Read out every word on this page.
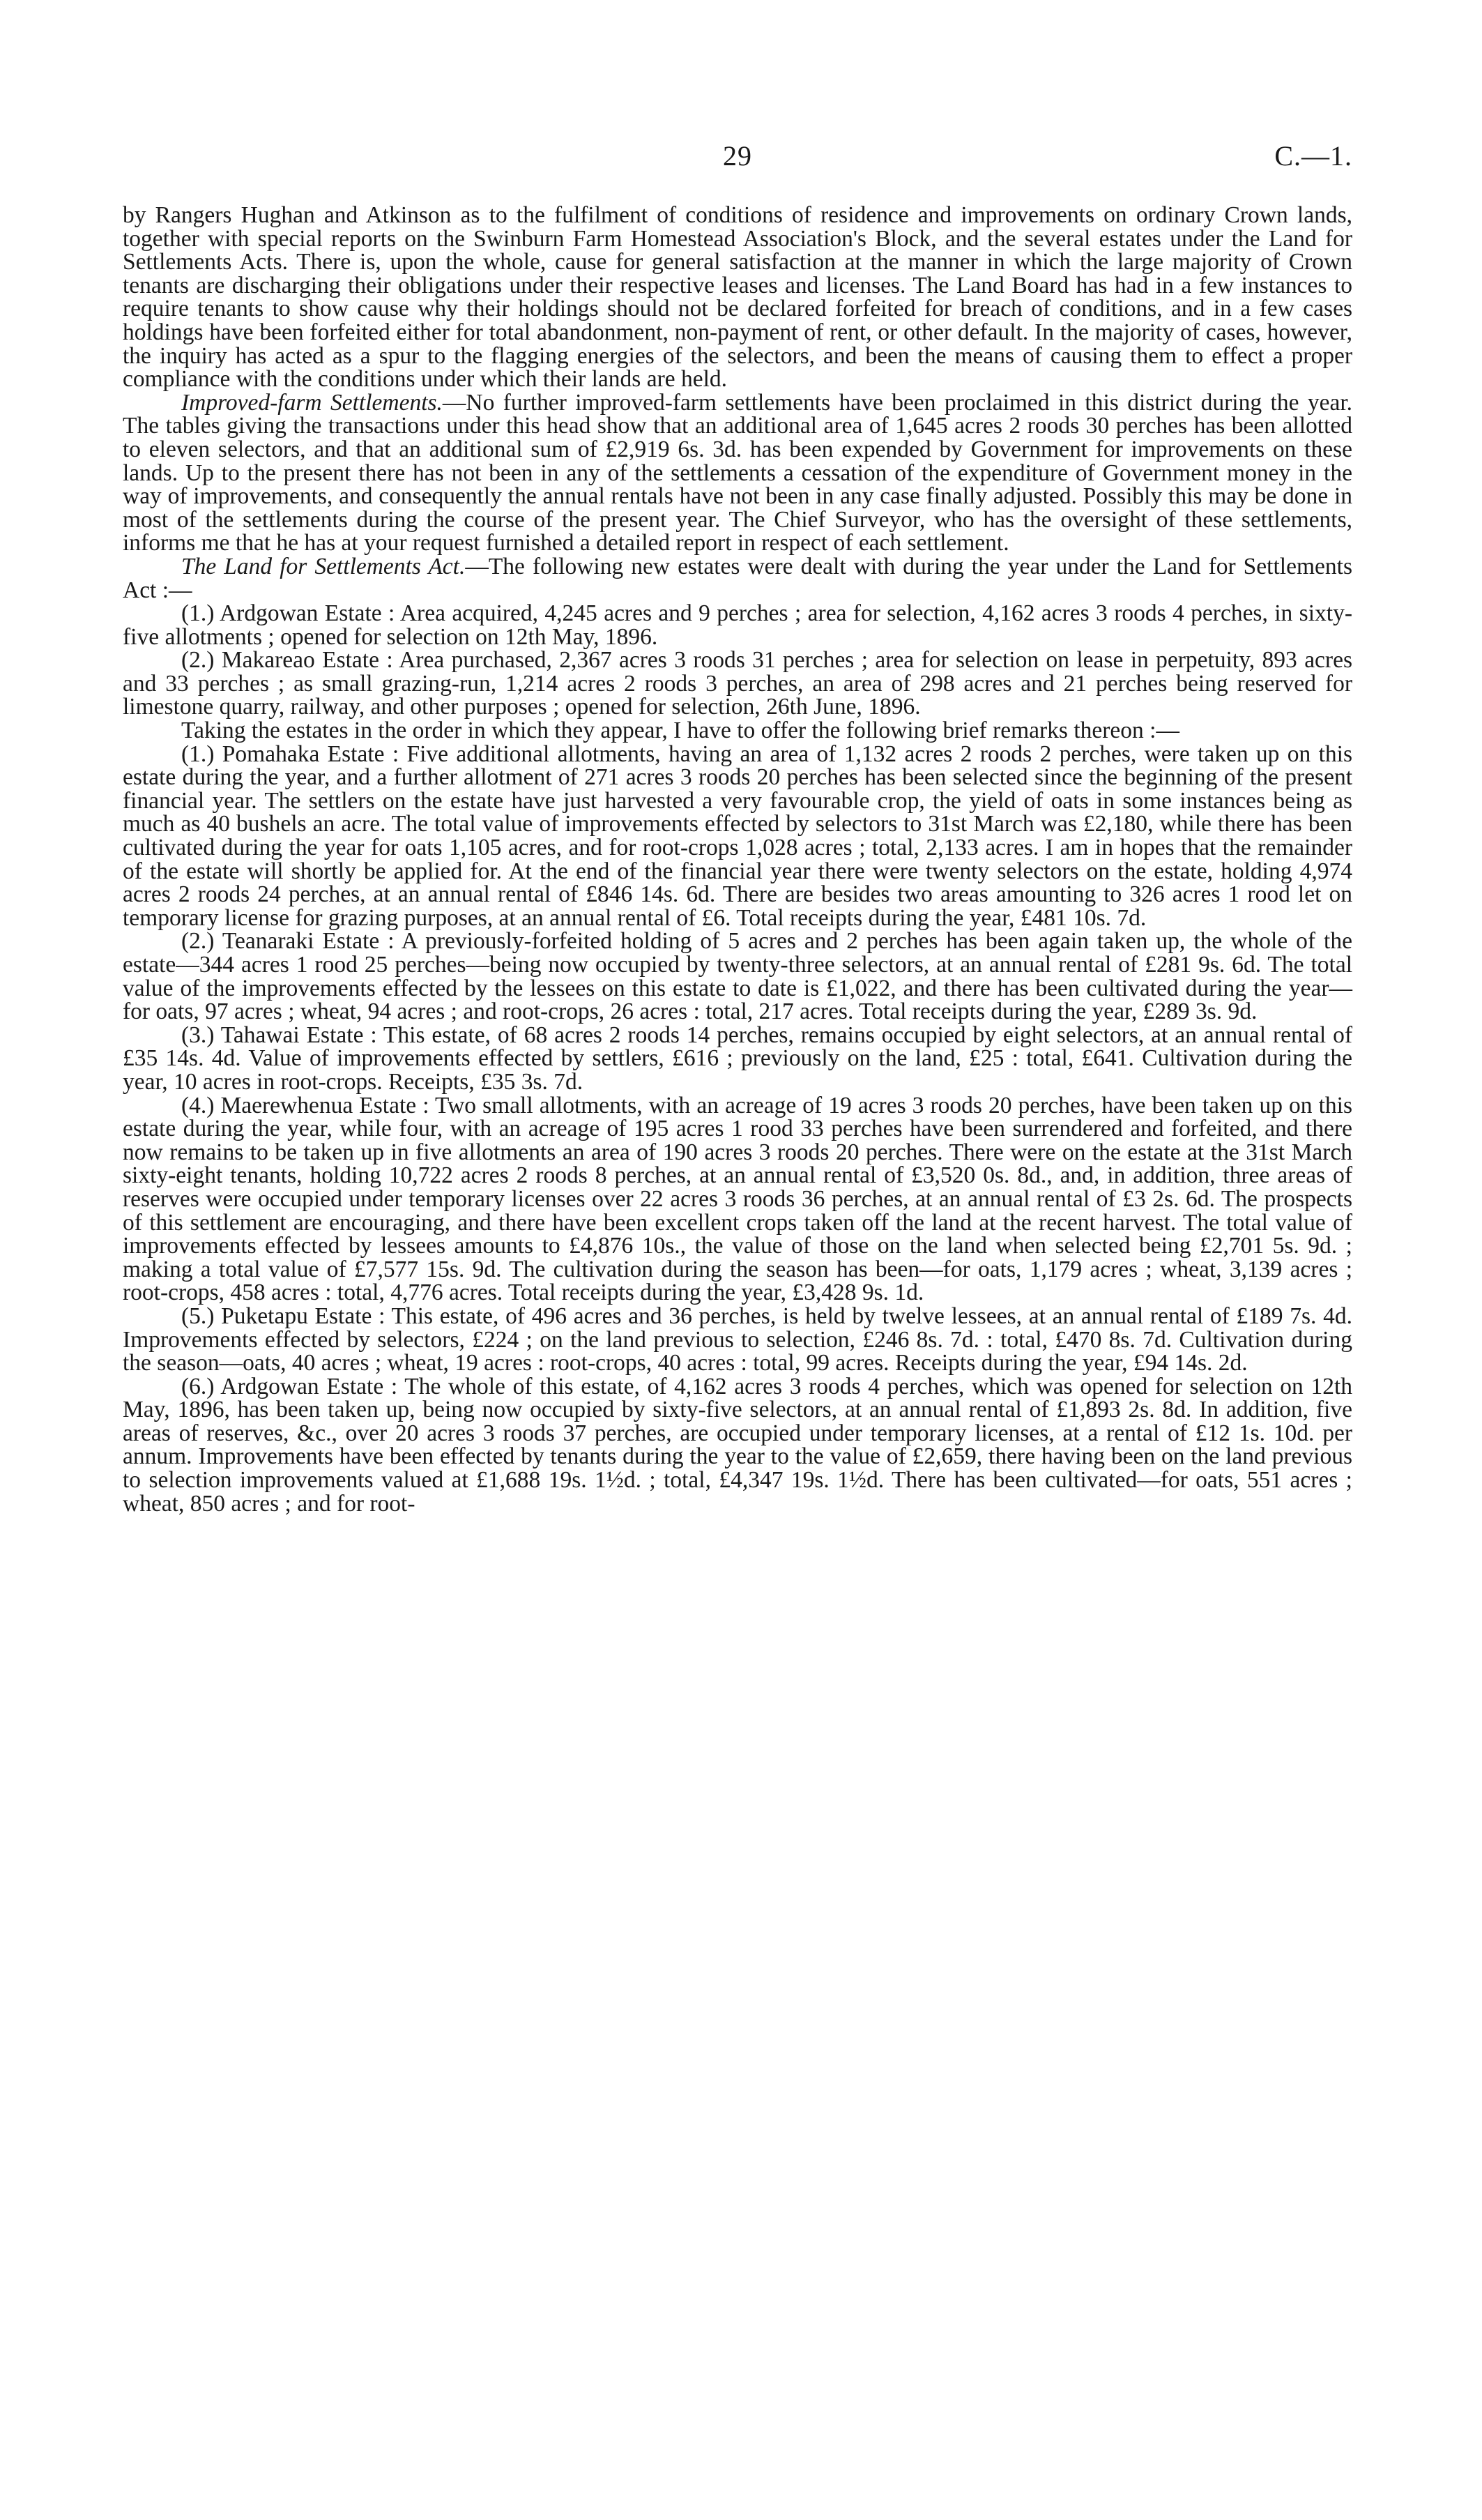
29	C.—1.

by Rangers Hughan and Atkinson as to the fulfilment of conditions of residence and improvements on ordinary Crown lands, together with special reports on the Swinburn Farm Homestead Association's Block, and the several estates under the Land for Settlements Acts. There is, upon the whole, cause for general satisfaction at the manner in which the large majority of Crown tenants are discharging their obligations under their respective leases and licenses. The Land Board has had in a few instances to require tenants to show cause why their holdings should not be declared forfeited for breach of conditions, and in a few cases holdings have been forfeited either for total abandonment, non-payment of rent, or other default. In the majority of cases, however, the inquiry has acted as a spur to the flagging energies of the selectors, and been the means of causing them to effect a proper compliance with the conditions under which their lands are held.

Improved-farm Settlements.—No further improved-farm settlements have been proclaimed in this district during the year. The tables giving the transactions under this head show that an additional area of 1,645 acres 2 roods 30 perches has been allotted to eleven selectors, and that an additional sum of £2,919 6s. 3d. has been expended by Government for improvements on these lands. Up to the present there has not been in any of the settlements a cessation of the expenditure of Government money in the way of improvements, and consequently the annual rentals have not been in any case finally adjusted. Possibly this may be done in most of the settlements during the course of the present year. The Chief Surveyor, who has the oversight of these settlements, informs me that he has at your request furnished a detailed report in respect of each settlement.

The Land for Settlements Act.—The following new estates were dealt with during the year under the Land for Settlements Act :—

(1.) Ardgowan Estate : Area acquired, 4,245 acres and 9 perches ; area for selection, 4,162 acres 3 roods 4 perches, in sixty-five allotments ; opened for selection on 12th May, 1896.

(2.) Makareao Estate : Area purchased, 2,367 acres 3 roods 31 perches ; area for selection on lease in perpetuity, 893 acres and 33 perches ; as small grazing-run, 1,214 acres 2 roods 3 perches, an area of 298 acres and 21 perches being reserved for limestone quarry, railway, and other purposes ; opened for selection, 26th June, 1896.

Taking the estates in the order in which they appear, I have to offer the following brief remarks thereon :—

(1.) Pomahaka Estate : Five additional allotments, having an area of 1,132 acres 2 roods 2 perches, were taken up on this estate during the year, and a further allotment of 271 acres 3 roods 20 perches has been selected since the beginning of the present financial year. The settlers on the estate have just harvested a very favourable crop, the yield of oats in some instances being as much as 40 bushels an acre. The total value of improvements effected by selectors to 31st March was £2,180, while there has been cultivated during the year for oats 1,105 acres, and for root-crops 1,028 acres ; total, 2,133 acres. I am in hopes that the remainder of the estate will shortly be applied for. At the end of the financial year there were twenty selectors on the estate, holding 4,974 acres 2 roods 24 perches, at an annual rental of £846 14s. 6d. There are besides two areas amounting to 326 acres 1 rood let on temporary license for grazing purposes, at an annual rental of £6. Total receipts during the year, £481 10s. 7d.

(2.) Teanaraki Estate : A previously-forfeited holding of 5 acres and 2 perches has been again taken up, the whole of the estate—344 acres 1 rood 25 perches—being now occupied by twenty-three selectors, at an annual rental of £281 9s. 6d. The total value of the improvements effected by the lessees on this estate to date is £1,022, and there has been cultivated during the year—for oats, 97 acres ; wheat, 94 acres ; and root-crops, 26 acres : total, 217 acres. Total receipts during the year, £289 3s. 9d.

(3.) Tahawai Estate : This estate, of 68 acres 2 roods 14 perches, remains occupied by eight selectors, at an annual rental of £35 14s. 4d. Value of improvements effected by settlers, £616 ; previously on the land, £25 : total, £641. Cultivation during the year, 10 acres in root-crops. Receipts, £35 3s. 7d.

(4.) Maerewhenua Estate : Two small allotments, with an acreage of 19 acres 3 roods 20 perches, have been taken up on this estate during the year, while four, with an acreage of 195 acres 1 rood 33 perches have been surrendered and forfeited, and there now remains to be taken up in five allotments an area of 190 acres 3 roods 20 perches. There were on the estate at the 31st March sixty-eight tenants, holding 10,722 acres 2 roods 8 perches, at an annual rental of £3,520 0s. 8d., and, in addition, three areas of reserves were occupied under temporary licenses over 22 acres 3 roods 36 perches, at an annual rental of £3 2s. 6d. The prospects of this settlement are encouraging, and there have been excellent crops taken off the land at the recent harvest. The total value of improvements effected by lessees amounts to £4,876 10s., the value of those on the land when selected being £2,701 5s. 9d. ; making a total value of £7,577 15s. 9d. The cultivation during the season has been—for oats, 1,179 acres ; wheat, 3,139 acres ; root-crops, 458 acres : total, 4,776 acres. Total receipts during the year, £3,428 9s. 1d.

(5.) Puketapu Estate : This estate, of 496 acres and 36 perches, is held by twelve lessees, at an annual rental of £189 7s. 4d. Improvements effected by selectors, £224 ; on the land previous to selection, £246 8s. 7d. : total, £470 8s. 7d. Cultivation during the season—oats, 40 acres ; wheat, 19 acres : root-crops, 40 acres : total, 99 acres. Receipts during the year, £94 14s. 2d.

(6.) Ardgowan Estate : The whole of this estate, of 4,162 acres 3 roods 4 perches, which was opened for selection on 12th May, 1896, has been taken up, being now occupied by sixty-five selectors, at an annual rental of £1,893 2s. 8d. In addition, five areas of reserves, &c., over 20 acres 3 roods 37 perches, are occupied under temporary licenses, at a rental of £12 1s. 10d. per annum. Improvements have been effected by tenants during the year to the value of £2,659, there having been on the land previous to selection improvements valued at £1,688 19s. 1½d. ; total, £4,347 19s. 1½d. There has been cultivated—for oats, 551 acres ; wheat, 850 acres ; and for root-
